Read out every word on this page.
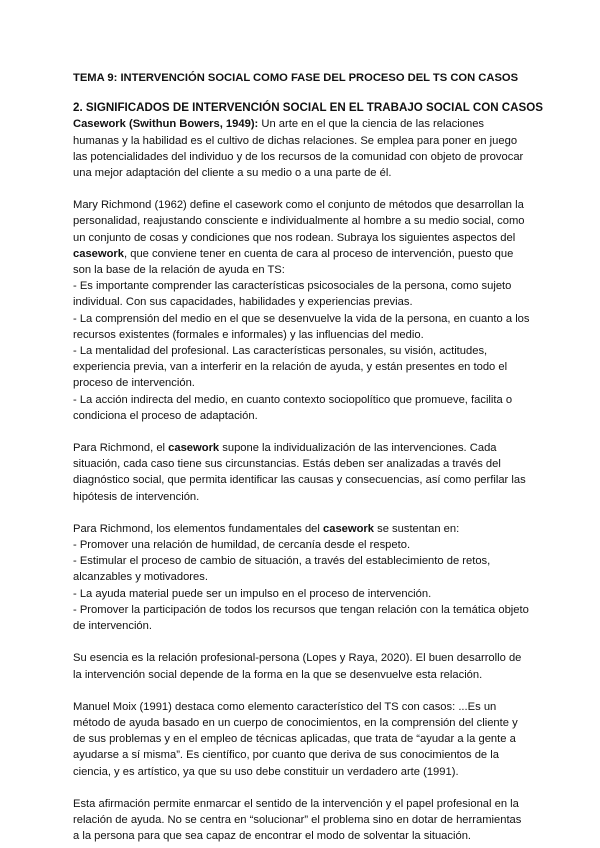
TEMA 9: INTERVENCIÓN SOCIAL COMO FASE DEL PROCESO DEL TS CON CASOS
2. SIGNIFICADOS DE INTERVENCIÓN SOCIAL EN EL TRABAJO SOCIAL CON CASOS

Casework (Swithun Bowers, 1949): Un arte en el que la ciencia de las relaciones humanas y la habilidad es el cultivo de dichas relaciones. Se emplea para poner en juego las potencialidades del individuo y de los recursos de la comunidad con objeto de provocar una mejor adaptación del cliente a su medio o a una parte de él.

Mary Richmond (1962) define el casework como el conjunto de métodos que desarrollan la personalidad, reajustando consciente e individualmente al hombre a su medio social, como un conjunto de cosas y condiciones que nos rodean. Subraya los siguientes aspectos del casework, que conviene tener en cuenta de cara al proceso de intervención, puesto que son la base de la relación de ayuda en TS:

- Es importante comprender las características psicosociales de la persona, como sujeto individual. Con sus capacidades, habilidades y experiencias previas.
- La comprensión del medio en el que se desenvuelve la vida de la persona, en cuanto a los recursos existentes (formales e informales) y las influencias del medio.
- La mentalidad del profesional. Las características personales, su visión, actitudes, experiencia previa, van a interferir en la relación de ayuda, y están presentes en todo el proceso de intervención.
- La acción indirecta del medio, en cuanto contexto sociopolítico que promueve, facilita o condiciona el proceso de adaptación.

Para Richmond, el casework supone la individualización de las intervenciones. Cada situación, cada caso tiene sus circunstancias. Estás deben ser analizadas a través del diagnóstico social, que permita identificar las causas y consecuencias, así como perfilar las hipótesis de intervención.

Para Richmond, los elementos fundamentales del casework se sustentan en:

- Promover una relación de humildad, de cercanía desde el respeto.
- Estimular el proceso de cambio de situación, a través del establecimiento de retos, alcanzables y motivadores.
- La ayuda material puede ser un impulso en el proceso de intervención.
- Promover la participación de todos los recursos que tengan relación con la temática objeto de intervención.

Su esencia es la relación profesional-persona (Lopes y Raya, 2020). El buen desarrollo de la intervención social depende de la forma en la que se desenvuelve esta relación.

Manuel Moix (1991) destaca como elemento característico del TS con casos: ...Es un método de ayuda basado en un cuerpo de conocimientos, en la comprensión del cliente y de sus problemas y en el empleo de técnicas aplicadas, que trata de “ayudar a la gente a ayudarse a sí misma”. Es científico, por cuanto que deriva de sus conocimientos de la ciencia, y es artístico, ya que su uso debe constituir un verdadero arte (1991).

Esta afirmación permite enmarcar el sentido de la intervención y el papel profesional en la relación de ayuda. No se centra en “solucionar” el problema sino en dotar de herramientas a la persona para que sea capaz de encontrar el modo de solventar la situación.
